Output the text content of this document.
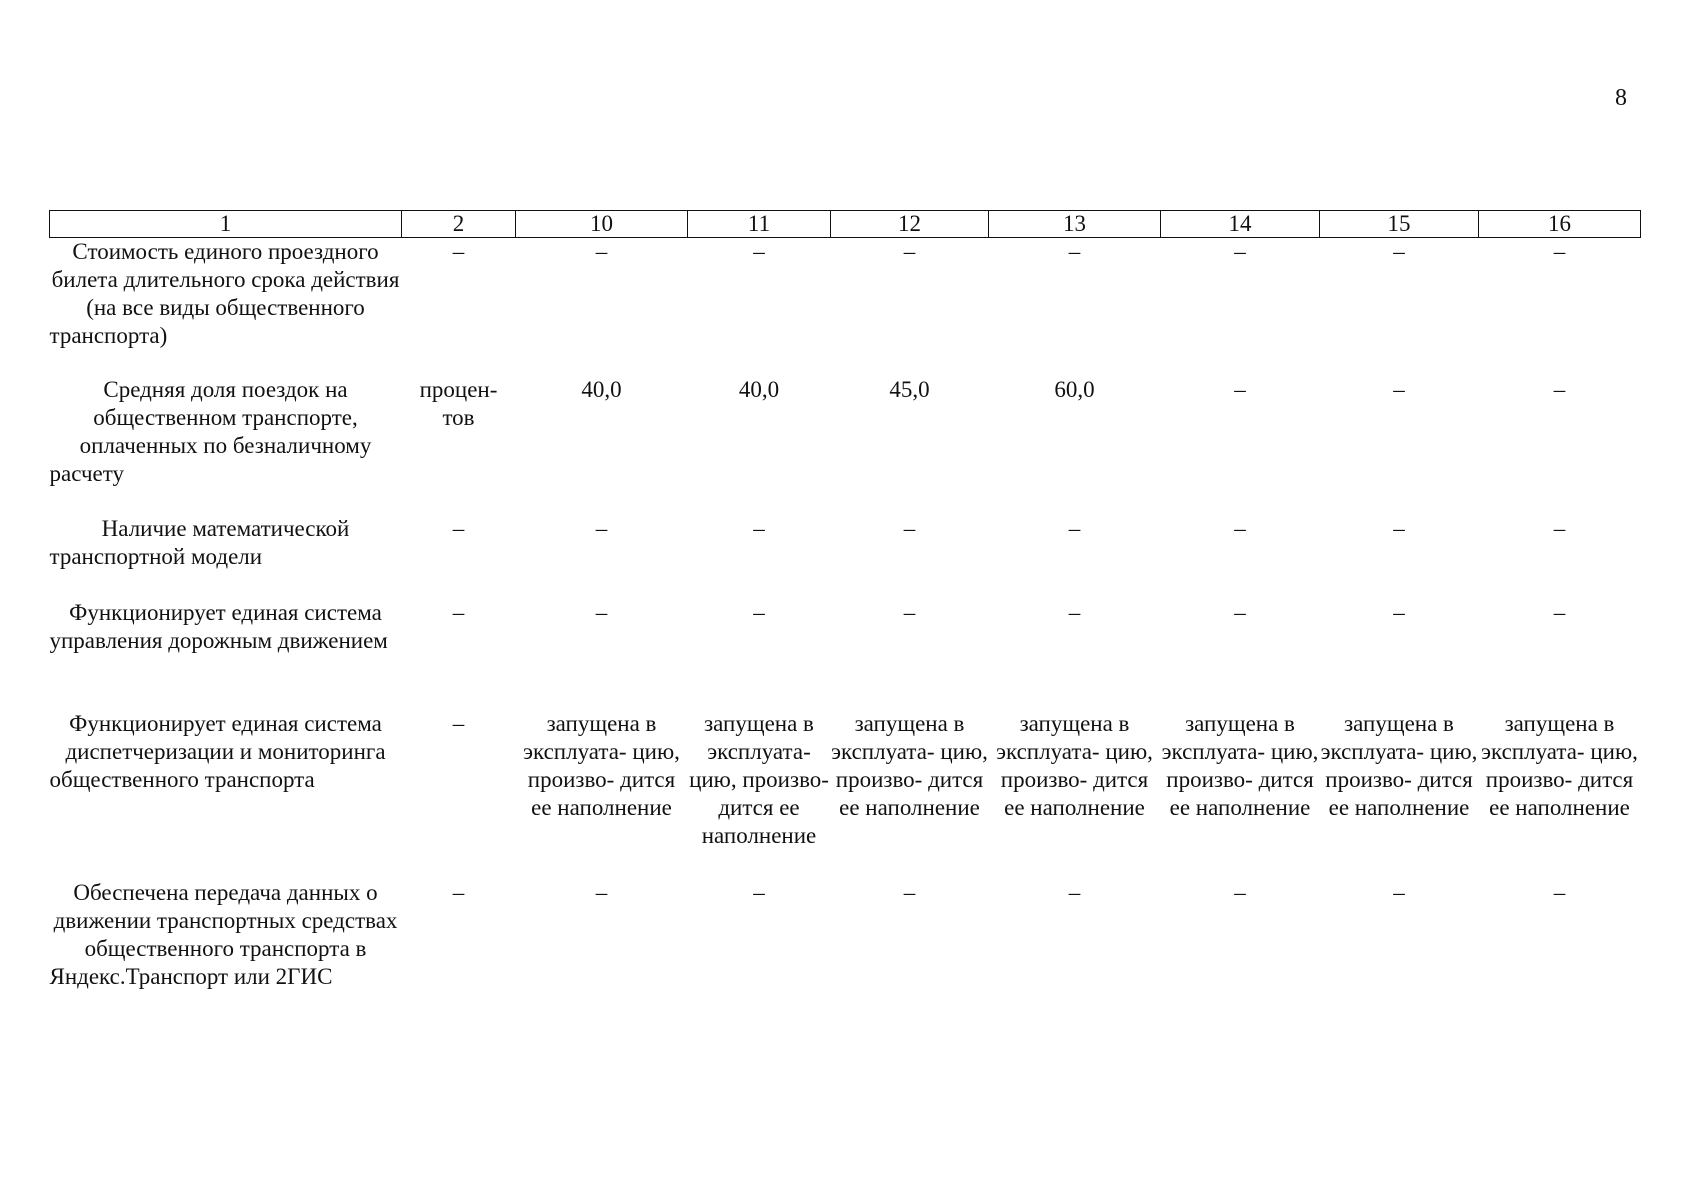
8
1	2	10	11	12	13	14	15	16
Стоимость единого проездного билета длительного срока действия (на все виды общественного транспорта)	–	–	–	–	–	–	–	–
Средняя доля поездок на общественном транспорте, оплаченных по безналичному расчету	процен- тов	40,0	40,0	45,0	60,0	–	–	–
Наличие математической транспортной модели	–	–	–	–	–	–	–	–
Функционирует единая система управления дорожным движением	–	–	–	–	–	–	–	–
Функционирует единая система диспетчеризации и мониторинга общественного транспорта	–	запущена в эксплуата- цию, произво- дится ее наполнение	запущена в эксплуата- цию, произво- дится ее наполнение	запущена в эксплуата- цию, произво- дится ее наполнение	запущена в эксплуата- цию, произво- дится ее наполнение	запущена в эксплуата- цию, произво- дится ее наполнение	запущена в эксплуата- цию, произво- дится ее наполнение	запущена в эксплуата- цию, произво- дится ее наполнение
Обеспечена передача данных о движении транспортных средствах общественного транспорта в Яндекс.Транспорт или 2ГИС	–	–	–	–	–	–	–	–
